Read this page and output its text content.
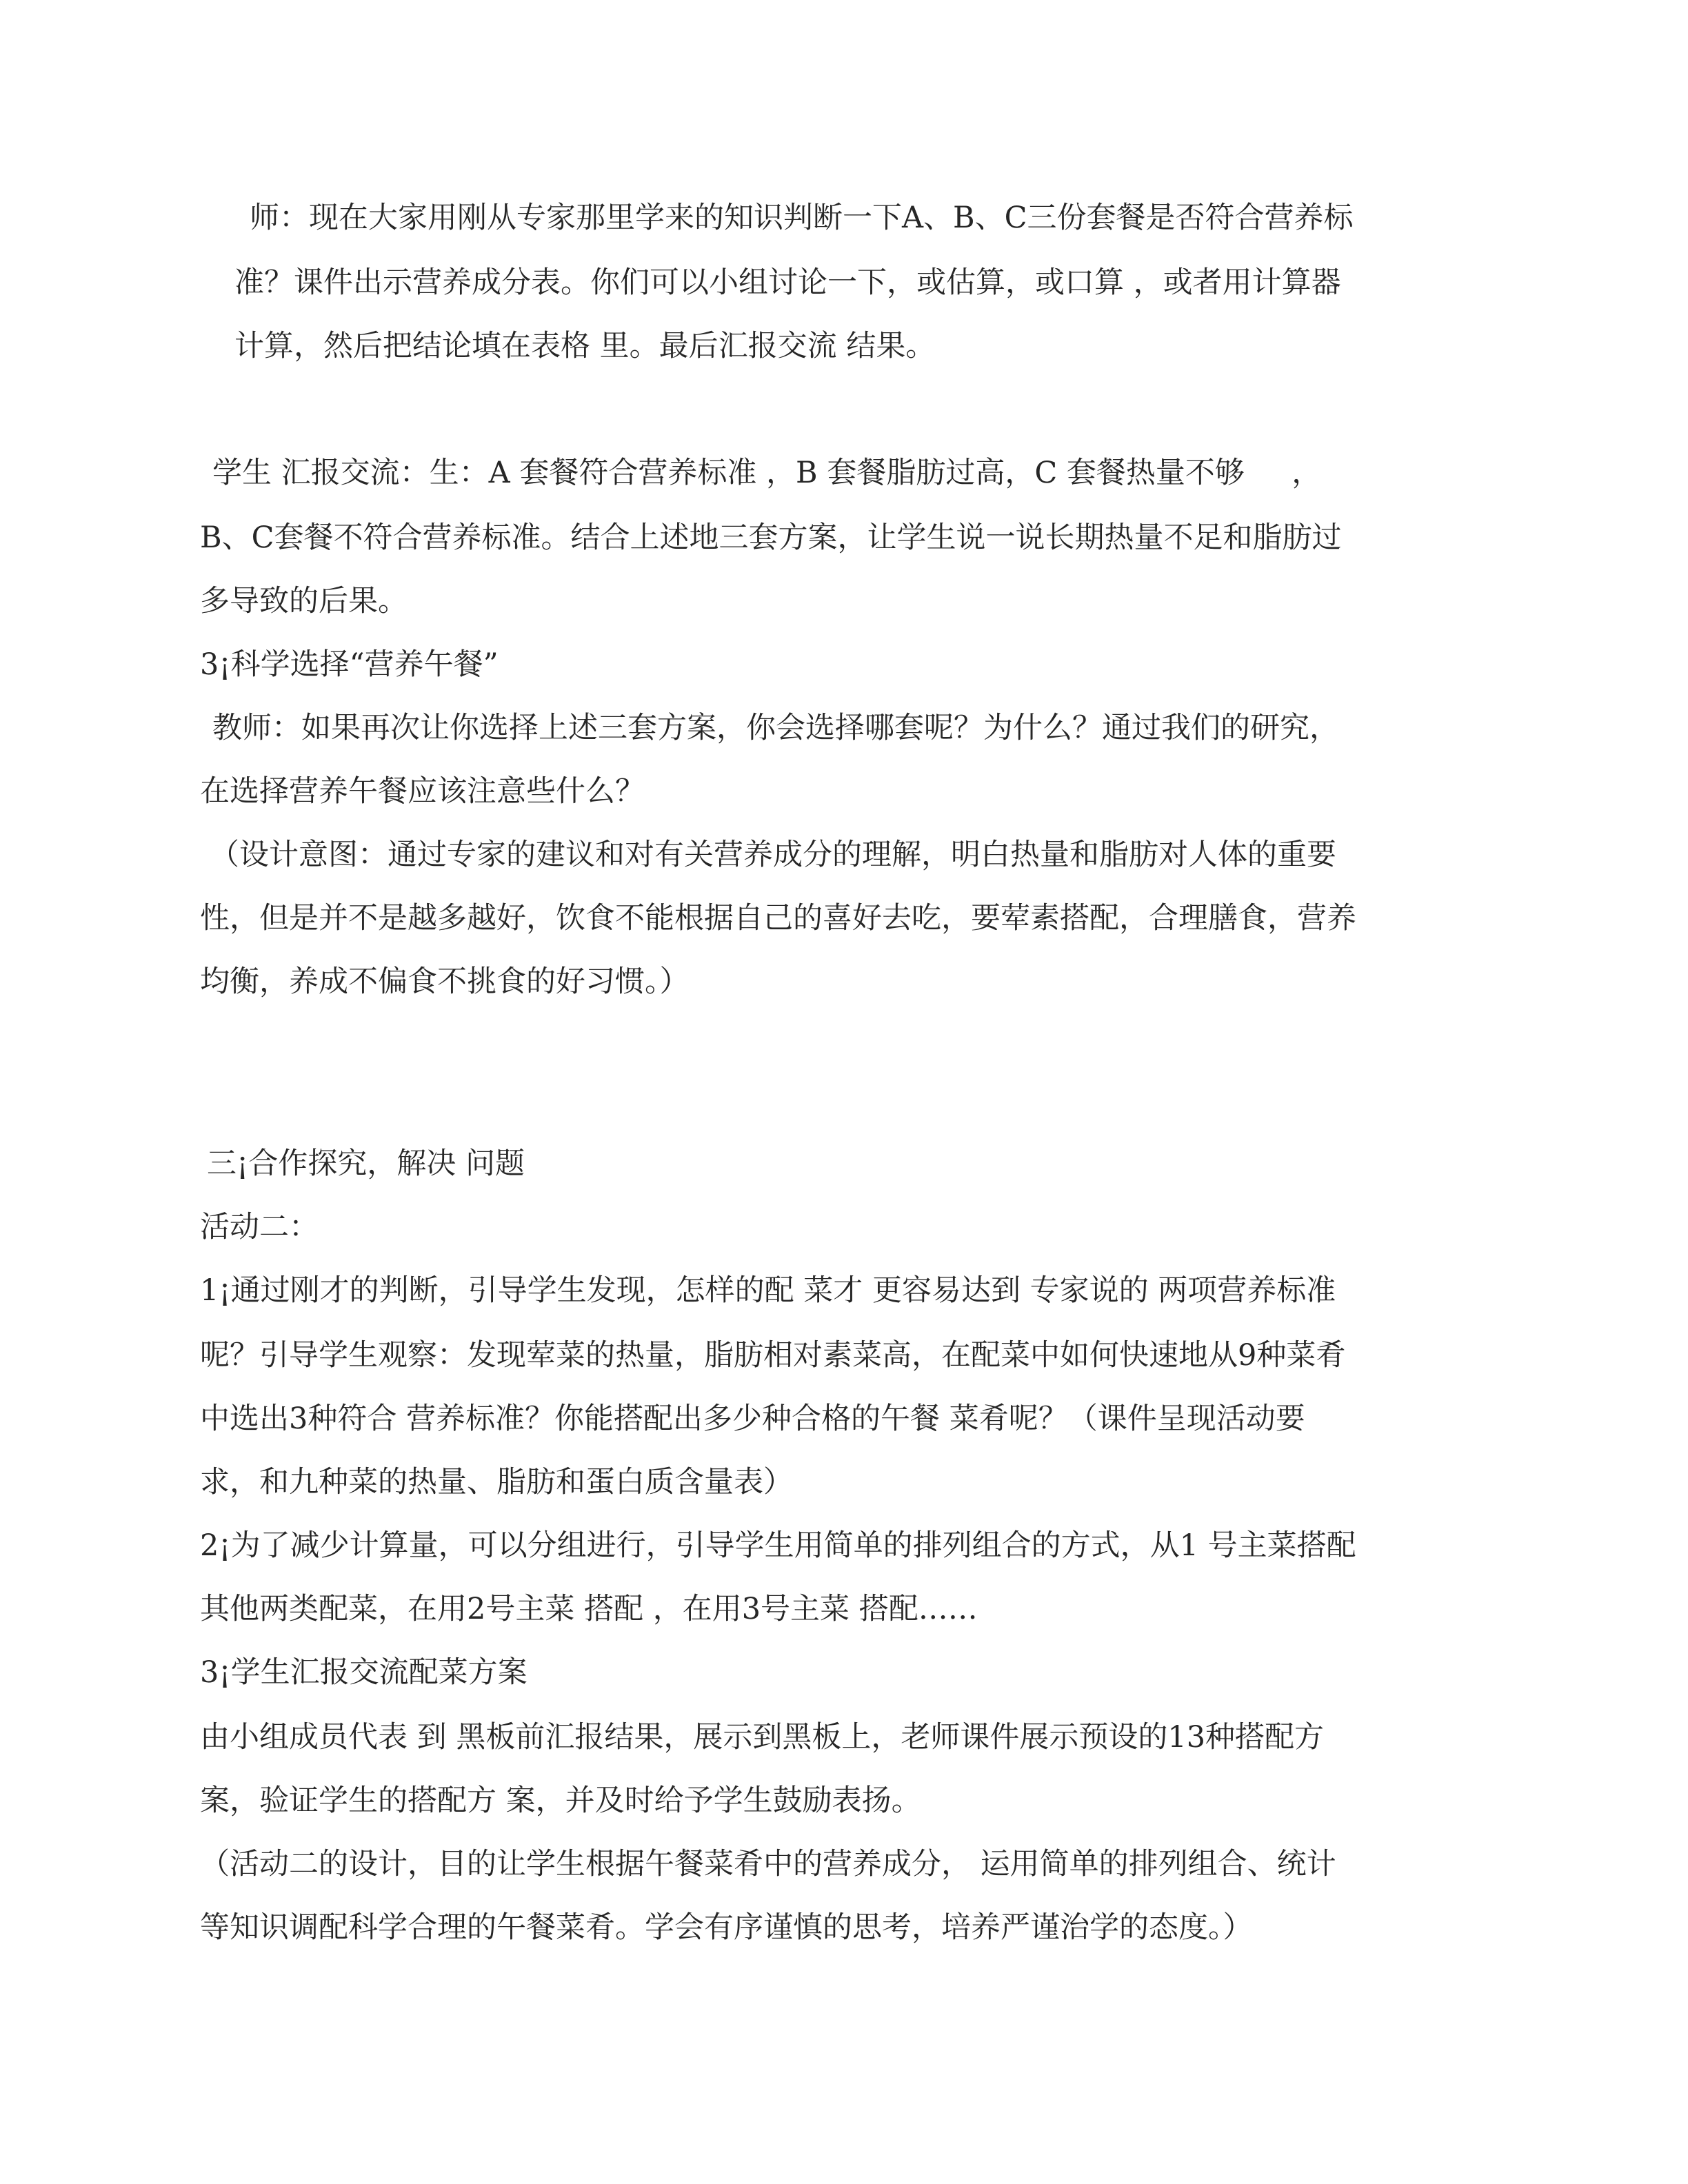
师：现在大家用刚从专家那里学来的知识判断一下A、B、C三份套餐是否符合营养标
准？课件出示营养成分表。你们可以小组讨论一下，或估算，或口算 ，或者用计算器
计算，然后把结论填在表格 里。最后汇报交流 结果。
学生 汇报交流：生：A 套餐符合营养标准 ，B 套餐脂肪过高，C 套餐热量不够     ，
B、C套餐不符合营养标准。结合上述地三套方案，让学生说一说长期热量不足和脂肪过
多导致的后果。
3¡科学选择“营养午餐”
教师：如果再次让你选择上述三套方案，你会选择哪套呢？为什么？通过我们的研究，
在选择营养午餐应该注意些什么？
（设计意图：通过专家的建议和对有关营养成分的理解，明白热量和脂肪对人体的重要
性，但是并不是越多越好，饮食不能根据自己的喜好去吃，要荤素搭配，合理膳食，营养
均衡，养成不偏食不挑食的好习惯。）
三¡合作探究，解决 问题
活动二：
1¡通过刚才的判断，引导学生发现，怎样的配 菜才 更容易达到 专家说的 两项营养标准
呢？引导学生观察：发现荤菜的热量，脂肪相对素菜高，在配菜中如何快速地从9种菜肴
中选出3种符合 营养标准？你能搭配出多少种合格的午餐 菜肴呢？（课件呈现活动要
求，和九种菜的热量、脂肪和蛋白质含量表）
2¡为了减少计算量，可以分组进行，引导学生用简单的排列组合的方式，从1 号主菜搭配
其他两类配菜，在用2号主菜 搭配 ，在用3号主菜 搭配……
3¡学生汇报交流配菜方案
由小组成员代表 到 黑板前汇报结果，展示到黑板上，老师课件展示预设的13种搭配方
案，验证学生的搭配方 案，并及时给予学生鼓励表扬。
（活动二的设计，目的让学生根据午餐菜肴中的营养成分， 运用简单的排列组合、统计
等知识调配科学合理的午餐菜肴。学会有序谨慎的思考，培养严谨治学的态度。）
